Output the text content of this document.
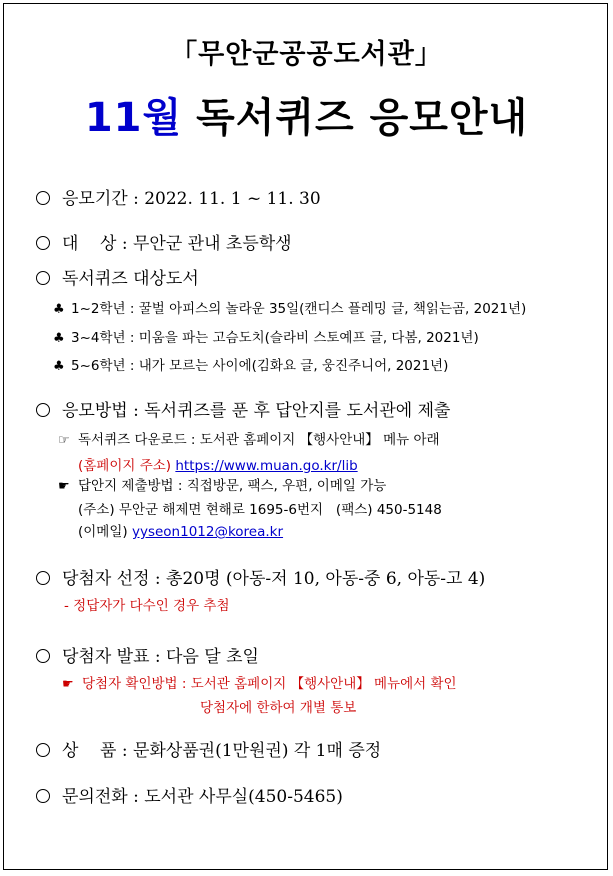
「무안군공공도서관」
11월 독서퀴즈 응모안내
응모기간 : 2022. 11. 1 ~ 11. 30
대    상 : 무안군 관내 초등학생
독서퀴즈 대상도서
♣ 1~2학년 : 꿀벌 아피스의 놀라운 35일(캔디스 플레밍 글, 책읽는곰, 2021년)
♣ 3~4학년 : 미움을 파는 고슴도치(슬라비 스토예프 글, 다봄, 2021년)
♣ 5~6학년 : 내가 모르는 사이에(김화요 글, 웅진주니어, 2021년)
응모방법 : 독서퀴즈를 푼 후 답안지를 도서관에 제출
☞ 독서퀴즈 다운로드 : 도서관 홈페이지 【행사안내】 메뉴 아래
(홈페이지 주소) https://www.muan.go.kr/lib
☛ 답안지 제출방법 : 직접방문, 팩스, 우편, 이메일 가능
(주소) 무안군 해제면 현해로 1695-6번지   (팩스) 450-5148
(이메일) yyseon1012@korea.kr
당첨자 선정 : 총20명 (아동-저 10, 아동-중 6, 아동-고 4)
- 정답자가 다수인 경우 추첨
당첨자 발표 : 다음 달 초일
☛ 당첨자 확인방법 : 도서관 홈페이지 【행사안내】 메뉴에서 확인
당첨자에 한하여 개별 통보
상    품 : 문화상품권(1만원권) 각 1매 증정
문의전화 : 도서관 사무실(450-5465)
